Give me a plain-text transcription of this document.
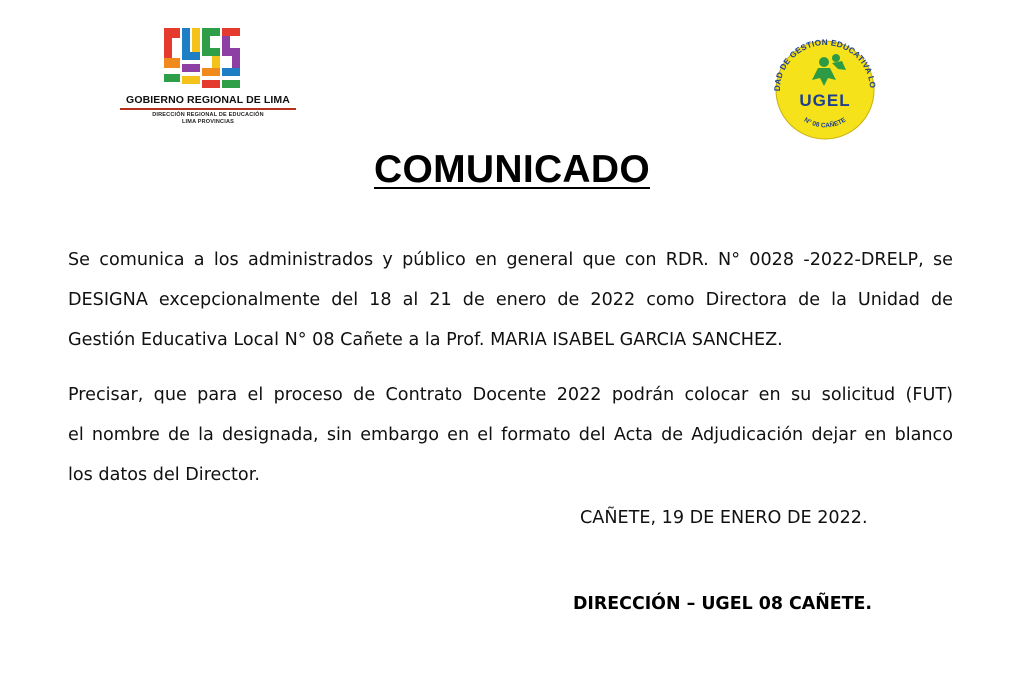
GOBIERNO REGIONAL DE LIMA
DIRECCIÓN REGIONAL DE EDUCACIÓN
LIMA PROVINCIAS
DAD DE GESTION EDUCATIVA LO
N° 08 CAÑETE
UGEL
COMUNICADO
Se comunica a los administrados y público en general que con RDR. N° 0028 -2022-DRELP, se
DESIGNA excepcionalmente del 18 al 21 de enero de 2022 como Directora de la Unidad de
Gestión Educativa Local N° 08 Cañete a la Prof. MARIA ISABEL GARCIA SANCHEZ.
Precisar, que para el proceso de Contrato Docente 2022 podrán colocar en su solicitud (FUT)
el nombre de la designada, sin embargo en el formato del Acta de Adjudicación dejar en blanco
los datos del Director.
CAÑETE, 19 DE ENERO DE 2022.
DIRECCIÓN – UGEL 08 CAÑETE.
